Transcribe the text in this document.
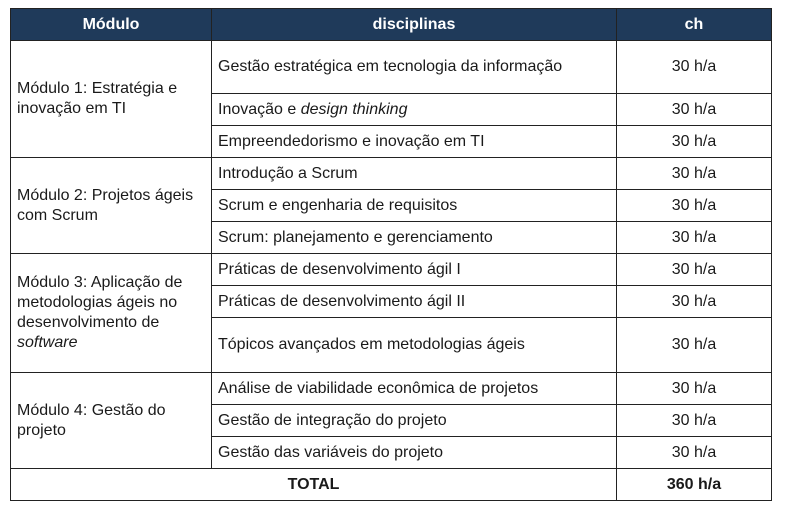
Módulo	disciplinas	ch
Módulo 1: Estratégia e inovação em TI	Gestão estratégica em tecnologia da informação	30 h/a
	Inovação e design thinking	30 h/a
	Empreendedorismo e inovação em TI	30 h/a
Módulo 2: Projetos ágeis com Scrum	Introdução a Scrum	30 h/a
	Scrum e engenharia de requisitos	30 h/a
	Scrum: planejamento e gerenciamento	30 h/a
Módulo 3: Aplicação de metodologias ágeis no desenvolvimento de software	Práticas de desenvolvimento ágil I	30 h/a
	Práticas de desenvolvimento ágil II	30 h/a
	Tópicos avançados em metodologias ágeis	30 h/a
Módulo 4: Gestão do projeto	Análise de viabilidade econômica de projetos	30 h/a
	Gestão de integração do projeto	30 h/a
	Gestão das variáveis do projeto	30 h/a
TOTAL		360 h/a
